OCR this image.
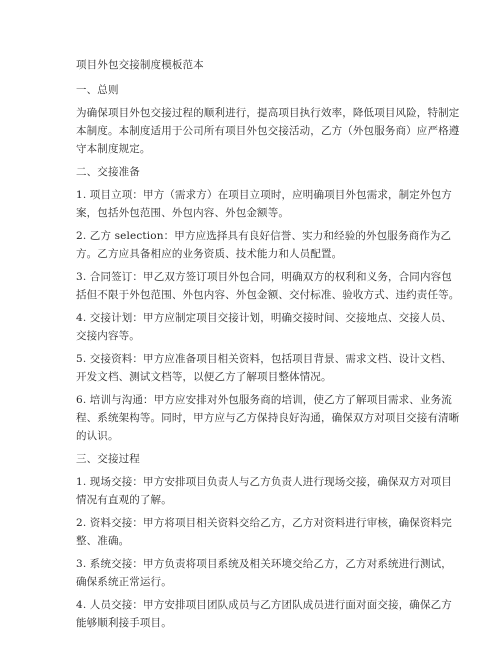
项目外包交接制度模板范本
一、总则
为确保项目外包交接过程的顺利进行，提高项目执行效率，降低项目风险，特制定
本制度。本制度适用于公司所有项目外包交接活动，乙方（外包服务商）应严格遵
守本制度规定。
二、交接准备
1. 项目立项：甲方（需求方）在项目立项时，应明确项目外包需求，制定外包方
案，包括外包范围、外包内容、外包金额等。
2. 乙方 selection：甲方应选择具有良好信誉、实力和经验的外包服务商作为乙
方。乙方应具备相应的业务资质、技术能力和人员配置。
3. 合同签订：甲乙双方签订项目外包合同，明确双方的权利和义务，合同内容包
括但不限于外包范围、外包内容、外包金额、交付标准、验收方式、违约责任等。
4. 交接计划：甲方应制定项目交接计划，明确交接时间、交接地点、交接人员、
交接内容等。
5. 交接资料：甲方应准备项目相关资料，包括项目背景、需求文档、设计文档、
开发文档、测试文档等，以便乙方了解项目整体情况。
6. 培训与沟通：甲方应安排对外包服务商的培训，使乙方了解项目需求、业务流
程、系统架构等。同时，甲方应与乙方保持良好沟通，确保双方对项目交接有清晰
的认识。
三、交接过程
1. 现场交接：甲方安排项目负责人与乙方负责人进行现场交接，确保双方对项目
情况有直观的了解。
2. 资料交接：甲方将项目相关资料交给乙方，乙方对资料进行审核，确保资料完
整、准确。
3. 系统交接：甲方负责将项目系统及相关环境交给乙方，乙方对系统进行测试，
确保系统正常运行。
4. 人员交接：甲方安排项目团队成员与乙方团队成员进行面对面交接，确保乙方
能够顺利接手项目。
